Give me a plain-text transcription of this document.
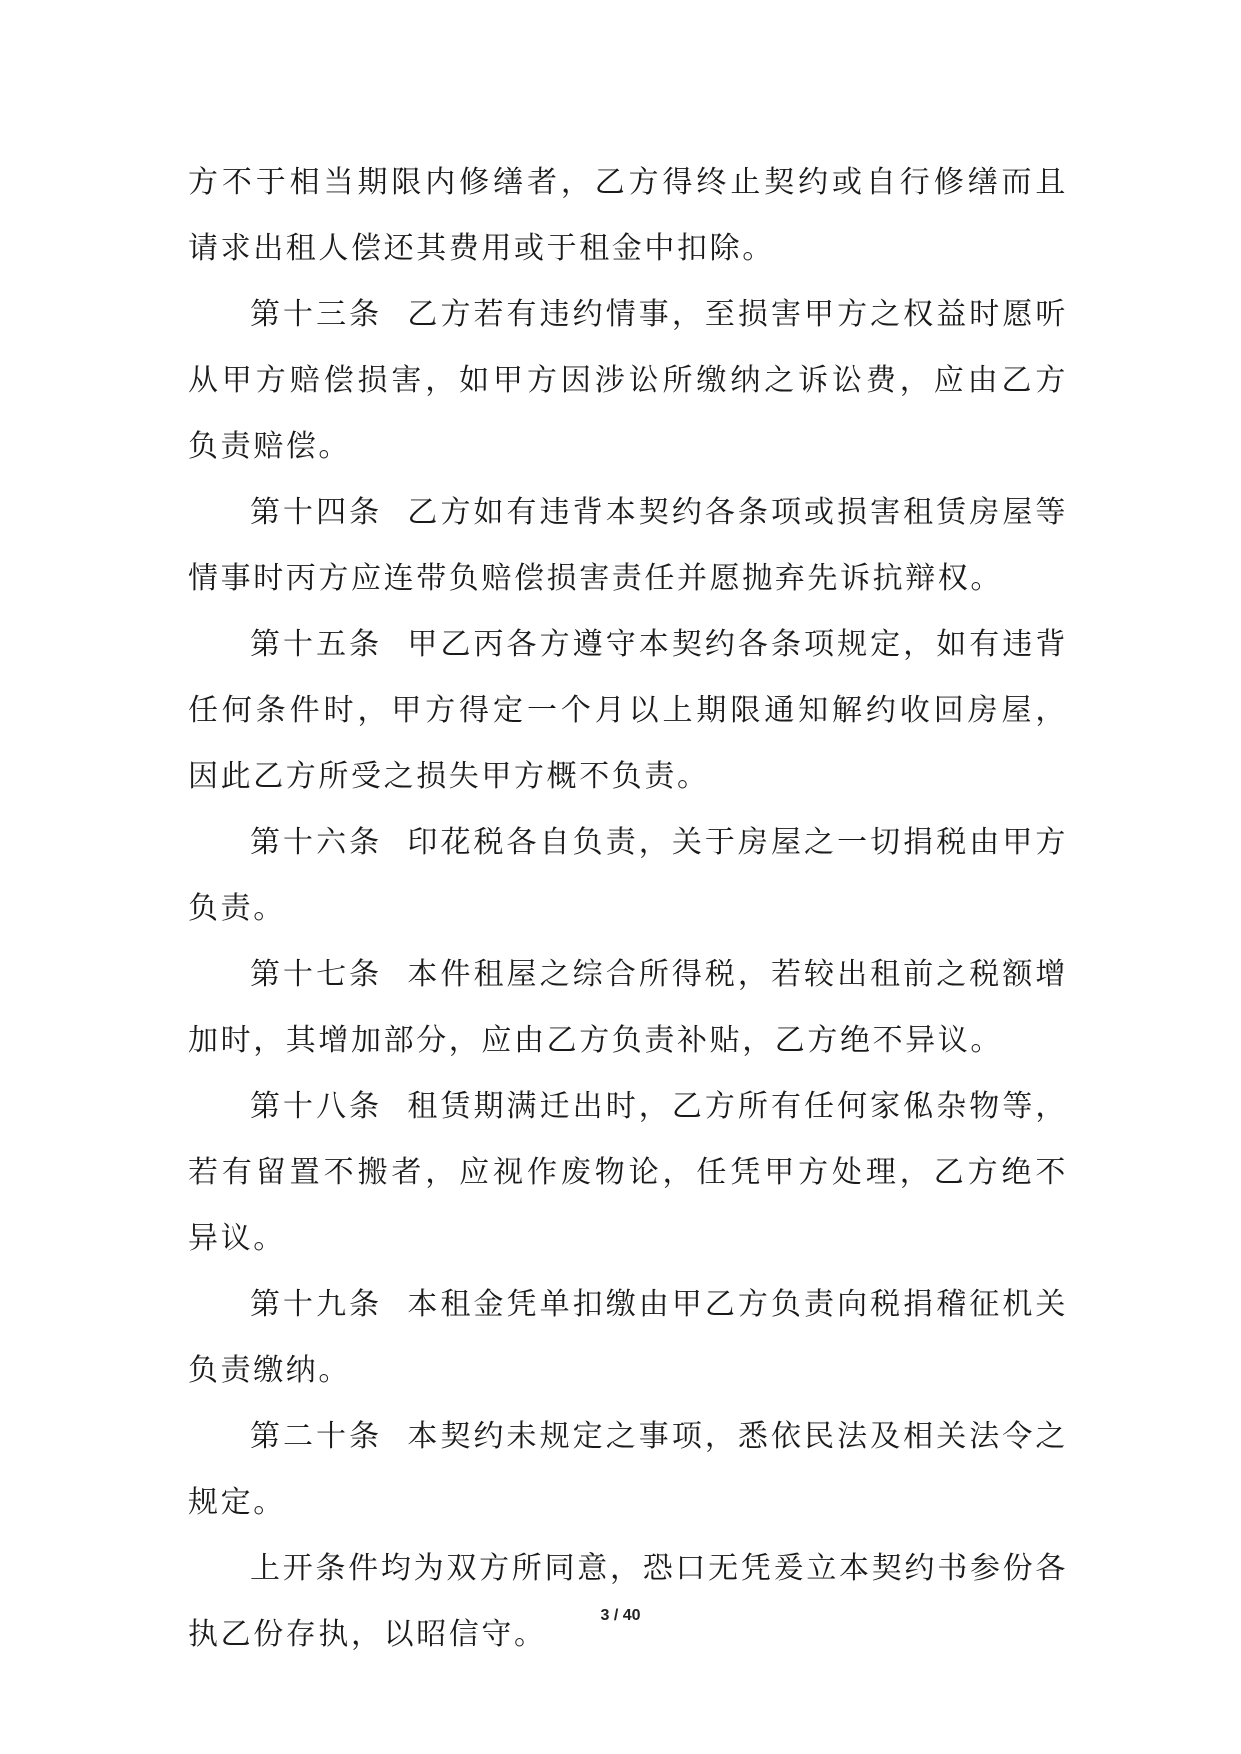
方不于相当期限内修缮者，乙方得终止契约或自行修缮而且请求出租人偿还其费用或于租金中扣除。

第十三条  乙方若有违约情事，至损害甲方之权益时愿听从甲方赔偿损害，如甲方因涉讼所缴纳之诉讼费，应由乙方负责赔偿。

第十四条  乙方如有违背本契约各条项或损害租赁房屋等情事时丙方应连带负赔偿损害责任并愿抛弃先诉抗辩权。

第十五条  甲乙丙各方遵守本契约各条项规定，如有违背任何条件时，甲方得定一个月以上期限通知解约收回房屋，因此乙方所受之损失甲方概不负责。

第十六条  印花税各自负责，关于房屋之一切捐税由甲方负责。

第十七条  本件租屋之综合所得税，若较出租前之税额增加时，其增加部分，应由乙方负责补贴，乙方绝不异议。

第十八条  租赁期满迁出时，乙方所有任何家俬杂物等，若有留置不搬者，应视作废物论，任凭甲方处理，乙方绝不异议。

第十九条  本租金凭单扣缴由甲乙方负责向税捐稽征机关负责缴纳。

第二十条  本契约未规定之事项，悉依民法及相关法令之规定。

上开条件均为双方所同意，恐口无凭爰立本契约书参份各执乙份存执，以昭信守。

3 / 40
